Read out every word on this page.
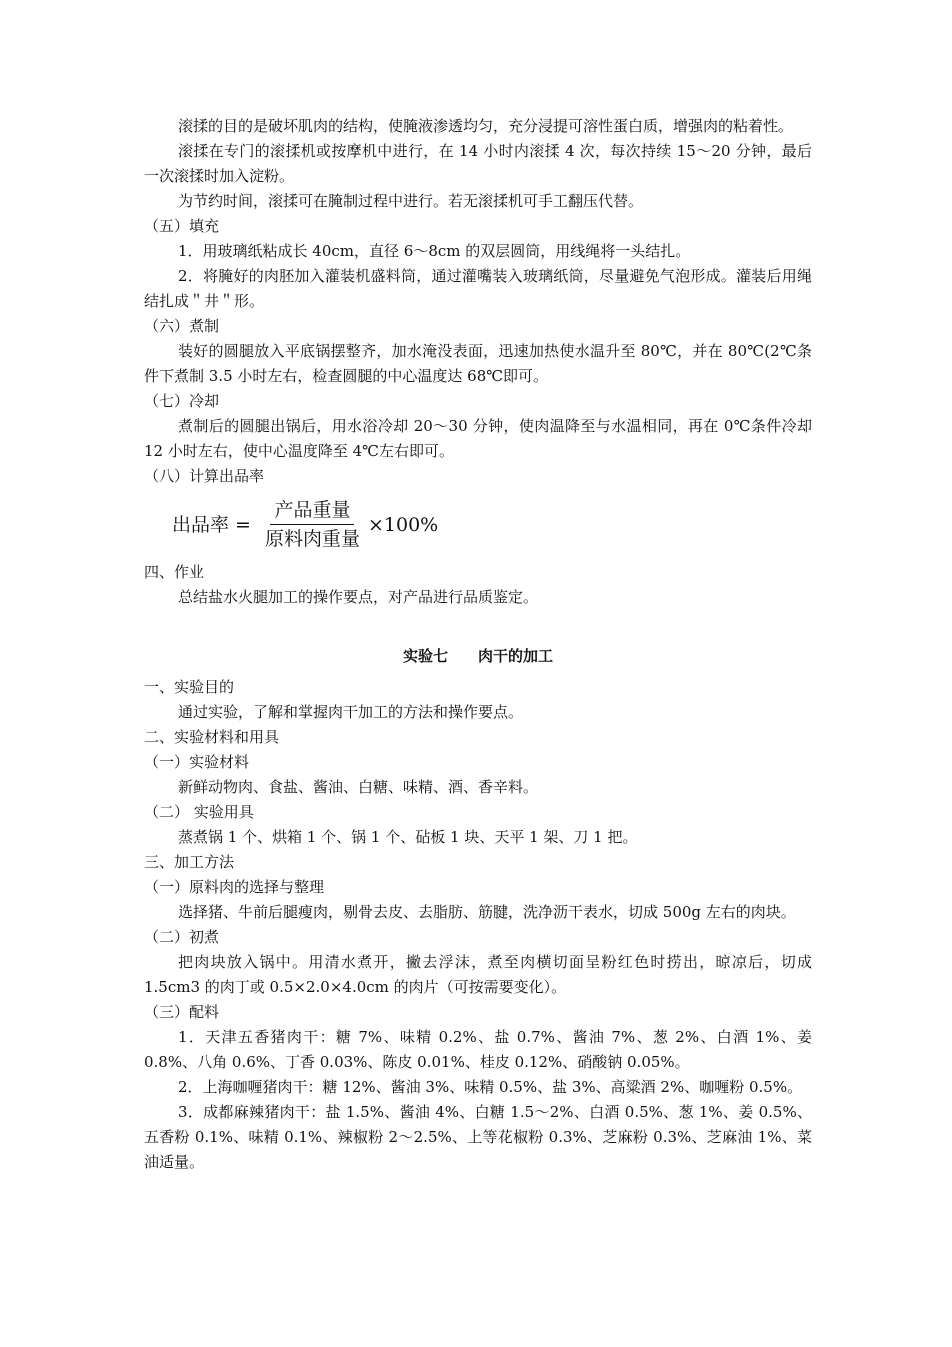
滚揉的目的是破坏肌肉的结构，使腌液渗透均匀，充分浸提可溶性蛋白质，增强肉的粘着性。

滚揉在专门的滚揉机或按摩机中进行，在 14 小时内滚揉 4 次，每次持续 15～20 分钟，最后一次滚揉时加入淀粉。

为节约时间，滚揉可在腌制过程中进行。若无滚揉机可手工翻压代替。

（五）填充

1．用玻璃纸粘成长 40cm，直径 6～8cm 的双层圆筒，用线绳将一头结扎。

2．将腌好的肉胚加入灌装机盛料筒，通过灌嘴装入玻璃纸筒，尽量避免气泡形成。灌装后用绳结扎成＂井＂形。

（六）煮制

装好的圆腿放入平底锅摆整齐，加水淹没表面，迅速加热使水温升至 80℃，并在 80℃(2℃条件下煮制 3.5 小时左右，检查圆腿的中心温度达 68℃即可。

（七）冷却

煮制后的圆腿出锅后，用水浴冷却 20～30 分钟，使肉温降至与水温相同，再在 0℃条件冷却 12 小时左右，使中心温度降至 4℃左右即可。

（八）计算出品率

出品率 = $\frac{\text{产品重量}}{\text{原料肉重量}} \times 100\%$

四、作业

总结盐水火腿加工的操作要点，对产品进行品质鉴定。

实验七 肉干的加工

一、实验目的

通过实验，了解和掌握肉干加工的方法和操作要点。

二、实验材料和用具

（一）实验材料

新鲜动物肉、食盐、酱油、白糖、味精、酒、香辛料。

（二） 实验用具

蒸煮锅 1 个、烘箱 1 个、锅 1 个、砧板 1 块、天平 1 架、刀 1 把。

三、加工方法

（一）原料肉的选择与整理

选择猪、牛前后腿瘦肉，剔骨去皮、去脂肪、筋腱，洗净沥干表水，切成 500g 左右的肉块。

（二）初煮

把肉块放入锅中。用清水煮开，撇去浮沫，煮至肉横切面呈粉红色时捞出，晾凉后，切成 1.5cm3 的肉丁或 0.5×2.0×4.0cm 的肉片（可按需要变化）。

（三）配料

1．天津五香猪肉干：糖 7%、味精 0.2%、盐 0.7%、酱油 7%、葱 2%、白酒 1%、姜 0.8%、八角 0.6%、丁香 0.03%、陈皮 0.01%、桂皮 0.12%、硝酸钠 0.05%。

2．上海咖喱猪肉干：糖 12%、酱油 3%、味精 0.5%、盐 3%、高粱酒 2%、咖喱粉 0.5%。

3．成都麻辣猪肉干：盐 1.5%、酱油 4%、白糖 1.5～2%、白酒 0.5%、葱 1%、姜 0.5%、五香粉 0.1%、味精 0.1%、辣椒粉 2～2.5%、上等花椒粉 0.3%、芝麻粉 0.3%、芝麻油 1%、菜油适量。
